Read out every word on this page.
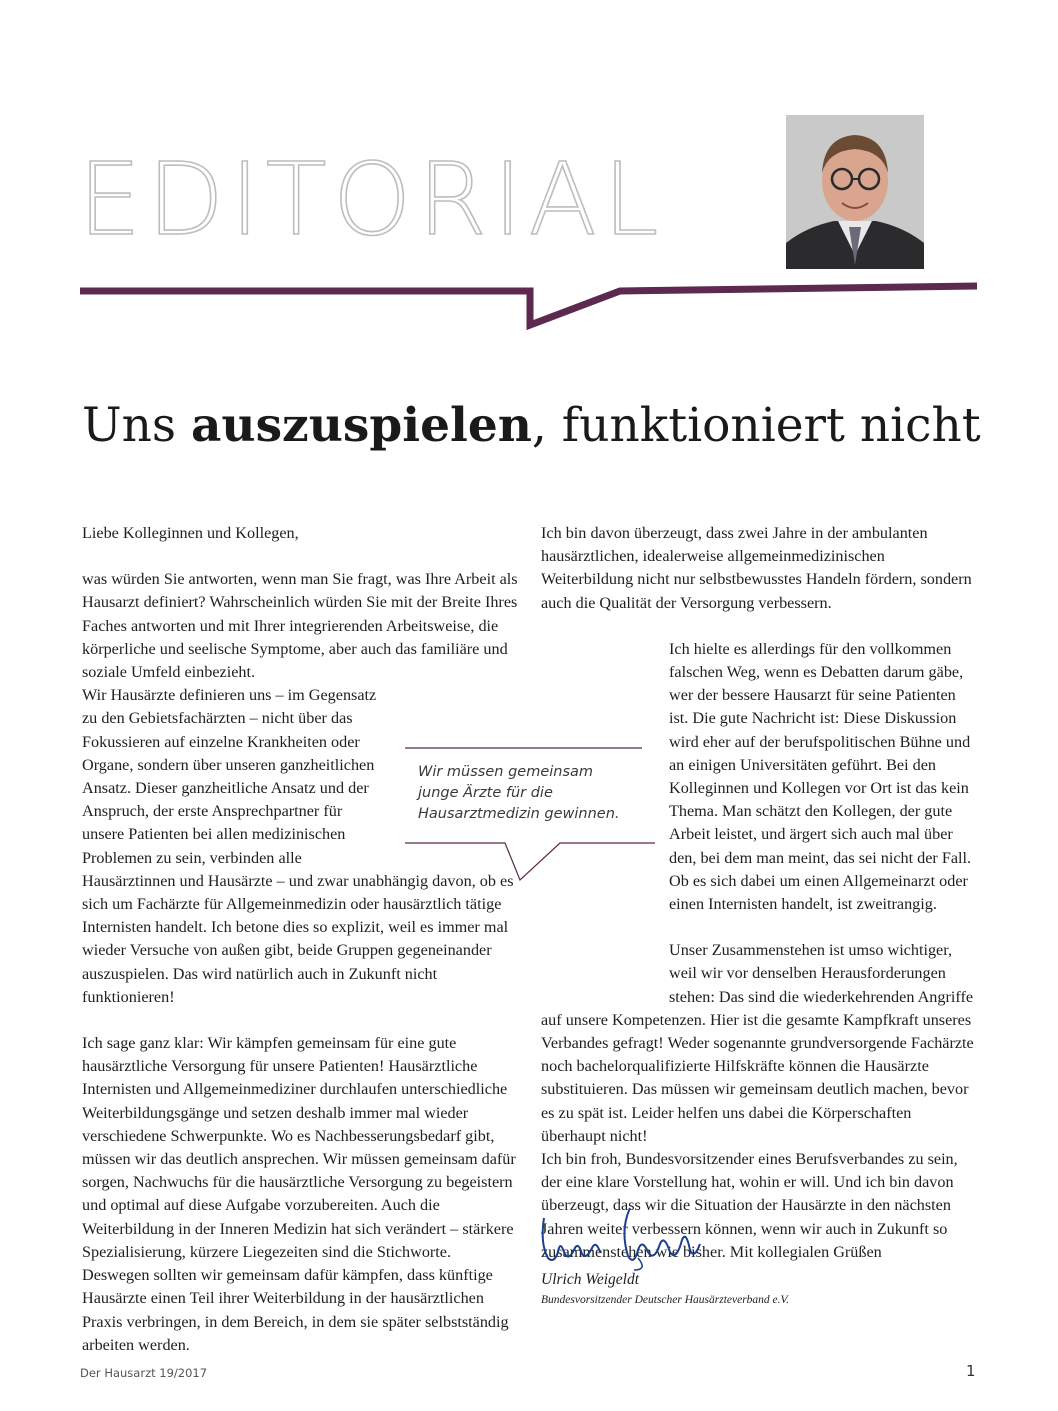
EDITORIAL
Uns auszuspielen, funktioniert nicht

Liebe Kolleginnen und Kollegen,

was würden Sie antworten, wenn man Sie fragt, was Ihre Arbeit als Hausarzt definiert? Wahrscheinlich würden Sie mit der Breite Ihres Faches antworten und mit Ihrer integrierenden Arbeitsweise, die körperliche und seelische Symptome, aber auch das familiäre und soziale Umfeld einbezieht.

Wir Hausärzte definieren uns – im Gegensatz zu den Gebietsfachärzten – nicht über das Fokussieren auf einzelne Krankheiten oder Organe, sondern über unseren ganzheitlichen Ansatz. Dieser ganzheitliche Ansatz und der Anspruch, der erste Ansprechpartner für unsere Patienten bei allen medizinischen Problemen zu sein, verbinden alle Hausärztinnen und Hausärzte – und zwar unabhängig davon, ob es sich um Fachärzte für Allgemeinmedizin oder hausärztlich tätige Internisten handelt. Ich betone dies so explizit, weil es immer mal wieder Versuche von außen gibt, beide Gruppen gegeneinander auszuspielen. Das wird natürlich auch in Zukunft nicht funktionieren!

Ich sage ganz klar: Wir kämpfen gemeinsam für eine gute hausärztliche Versorgung für unsere Patienten! Hausärztliche Internisten und Allgemeinmediziner durchlaufen unterschiedliche Weiterbildungsgänge und setzen deshalb immer mal wieder verschiedene Schwerpunkte. Wo es Nachbesserungsbedarf gibt, müssen wir das deutlich ansprechen. Wir müssen gemeinsam dafür sorgen, Nachwuchs für die hausärztliche Versorgung zu begeistern und optimal auf diese Aufgabe vorzubereiten. Auch die Weiterbildung in der Inneren Medizin hat sich verändert – stärkere Spezialisierung, kürzere Liegezeiten sind die Stichworte. Deswegen sollten wir gemeinsam dafür kämpfen, dass künftige Hausärzte einen Teil ihrer Weiterbildung in der hausärztlichen Praxis verbringen, in dem Bereich, in dem sie später selbstständig arbeiten werden.

Wir müssen gemeinsam junge Ärzte für die Hausarztmedizin gewinnen.

Ich bin davon überzeugt, dass zwei Jahre in der ambulanten hausärztlichen, idealerweise allgemeinmedizinischen Weiterbildung nicht nur selbstbewusstes Handeln fördern, sondern auch die Qualität der Versorgung verbessern.

Ich hielte es allerdings für den vollkommen falschen Weg, wenn es Debatten darum gäbe, wer der bessere Hausarzt für seine Patienten ist. Die gute Nachricht ist: Diese Diskussion wird eher auf der berufspolitischen Bühne und an einigen Universitäten geführt. Bei den Kolleginnen und Kollegen vor Ort ist das kein Thema. Man schätzt den Kollegen, der gute Arbeit leistet, und ärgert sich auch mal über den, bei dem man meint, das sei nicht der Fall. Ob es sich dabei um einen Allgemeinarzt oder einen Internisten handelt, ist zweitrangig.

Unser Zusammenstehen ist umso wichtiger, weil wir vor denselben Herausforderungen stehen: Das sind die wiederkehrenden Angriffe auf unsere Kompetenzen. Hier ist die gesamte Kampfkraft unseres Verbandes gefragt! Weder sogenannte grundversorgende Fachärzte noch bachelorqualifizierte Hilfskräfte können die Hausärzte substituieren. Das müssen wir gemeinsam deutlich machen, bevor es zu spät ist. Leider helfen uns dabei die Körperschaften überhaupt nicht!

Ich bin froh, Bundesvorsitzender eines Berufsverbandes zu sein, der eine klare Vorstellung hat, wohin er will. Und ich bin davon überzeugt, dass wir die Situation der Hausärzte in den nächsten Jahren weiter verbessern können, wenn wir auch in Zukunft so zusammenstehen wie bisher. Mit kollegialen Grüßen

Ulrich Weigeldt
Bundesvorsitzender Deutscher Hausärzteverband e.V.
Der Hausarzt 19/2017	1
